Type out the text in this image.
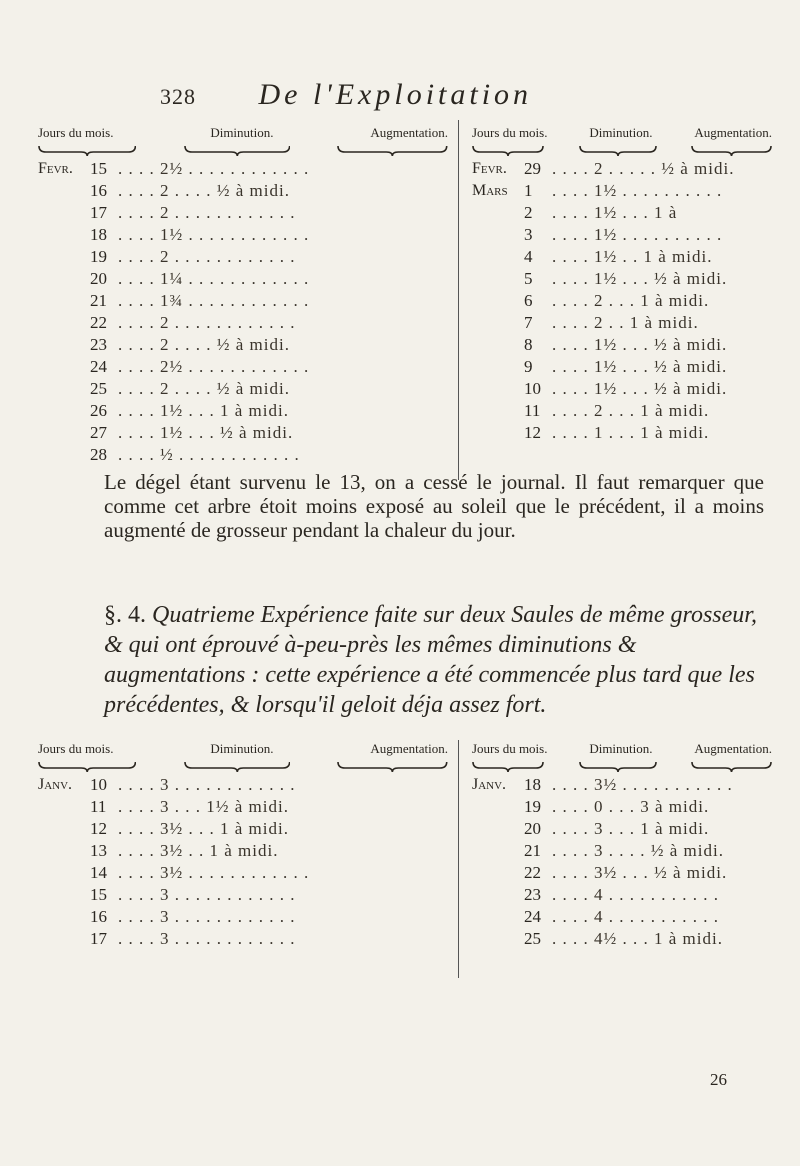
328 De l'Exploitation
Jours du mois.	Diminution.	Augmentation.
Fevr.	15 . . . . 2½ . . . . . . . . . . . .
16 . . . . 2 . . . . ½ à midi.
17 . . . . 2 . . . . . . . . . . . .
18 . . . . 1½ . . . . . . . . . . . .
19 . . . . 2 . . . . . . . . . . . .
20 . . . . 1¼ . . . . . . . . . . . .
21 . . . . 1¾ . . . . . . . . . . . .
22 . . . . 2 . . . . . . . . . . . .
23 . . . . 2 . . . . ½ à midi.
24 . . . . 2½ . . . . . . . . . . . .
25 . . . . 2 . . . . ½ à midi.
26 . . . . 1½ . . . 1 à midi.
27 . . . . 1½ . . . ½ à midi.
28 . . . . ½ . . . . . . . . . . . .
Jours du mois.	Diminution.	Augmentation.
Fevr.	29 . . . . 2 . . . . . ½ à midi.
Mars 1	. . . . 1½ . . . . . . . . . .
2	. . . . 1½ . . . 1 à
3	. . . . 1½ . . . . . . . . . .
4	. . . . 1½ . . 1 à midi.
5	. . . . 1½ . . . ½ à midi.
6	. . . . 2 . . . 1 à midi.
7	. . . . 2 . . 1 à midi.
8	. . . . 1½ . . . ½ à midi.
9	. . . . 1½ . . . ½ à midi.
10 . . . . 1½ . . . ½ à midi.
11 . . . . 2 . . . 1 à midi.
12 . . . . 1 . . . 1 à midi.
Le dégel étant survenu le 13, on a cessé le journal. Il faut remarquer que comme cet arbre étoit moins exposé au soleil que le précédent, il a moins augmenté de grosseur pendant la chaleur du jour.
§. 4. Quatrieme Expérience faite sur deux Saules de même grosseur, & qui ont éprouvé à-peu-près les mêmes diminutions & augmentations : cette expérience a été commencée plus tard que les précédentes, & lorsqu'il geloit déja assez fort.
Jours du mois.	Diminution.	Augmentation.
Janv.	10 . . . . 3 . . . . . . . . . . . .
11 . . . . 3 . . . 1½ à midi.
12 . . . . 3½ . . . 1 à midi.
13 . . . . 3½ . . 1 à midi.
14 . . . . 3½ . . . . . . . . . . . .
15 . . . . 3 . . . . . . . . . . . .
16 . . . . 3 . . . . . . . . . . . .
17 . . . . 3 . . . . . . . . . . . .
Jours du mois.	Diminution.	Augmentation.
Janv.	18 . . . . 3½ . . . . . . . . . . .
19 . . . . 0 . . . 3 à midi.
20 . . . . 3 . . . 1 à midi.
21 . . . . 3 . . . . ½ à midi.
22 . . . . 3½ . . . ½ à midi.
23 . . . . 4 . . . . . . . . . . .
24 . . . . 4 . . . . . . . . . . .
25 . . . . 4½ . . . 1 à midi.
26
